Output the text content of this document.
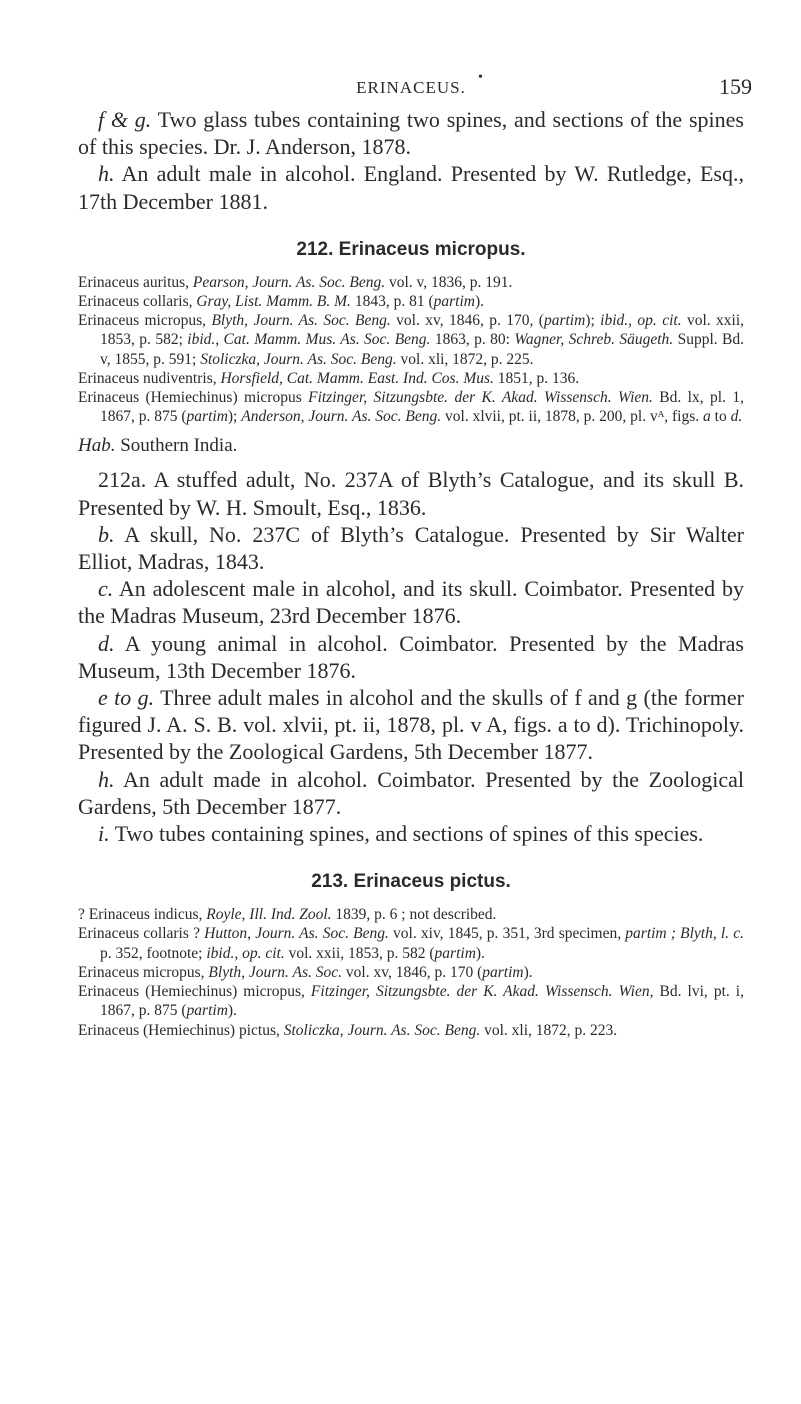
ERINACEUS.
•	159

f & g. Two glass tubes containing two spines, and sections of the spines of this species. Dr. J. Anderson, 1878.

h. An adult male in alcohol. England. Presented by W. Rutledge, Esq., 17th December 1881.

212. Erinaceus micropus.

Erinaceus auritus, Pearson, Journ. As. Soc. Beng. vol. v, 1836, p. 191.

Erinaceus collaris, Gray, List. Mamm. B. M. 1843, p. 81 (partim).

Erinaceus micropus, Blyth, Journ. As. Soc. Beng. vol. xv, 1846, p. 170, (partim); ibid., op. cit. vol. xxii, 1853, p. 582; ibid., Cat. Mamm. Mus. As. Soc. Beng. 1863, p. 80: Wagner, Schreb. Säugeth. Suppl. Bd. v, 1855, p. 591; Stoliczka, Journ. As. Soc. Beng. vol. xli, 1872, p. 225.

Erinaceus nudiventris, Horsfield, Cat. Mamm. East. Ind. Cos. Mus. 1851, p. 136.

Erinaceus (Hemiechinus) micropus Fitzinger, Sitzungsbte. der K. Akad. Wissensch. Wien. Bd. lx, pl. 1, 1867, p. 875 (partim); Anderson, Journ. As. Soc. Beng. vol. xlvii, pt. ii, 1878, p. 200, pl. vᴬ, figs. a to d.

Hab. Southern India.

212a. A stuffed adult, No. 237A of Blyth’s Catalogue, and its skull B. Presented by W. H. Smoult, Esq., 1836.

b. A skull, No. 237C of Blyth’s Catalogue. Presented by Sir Walter Elliot, Madras, 1843.

c. An adolescent male in alcohol, and its skull. Coimbator. Presented by the Madras Museum, 23rd December 1876.

d. A young animal in alcohol. Coimbator. Presented by the Madras Museum, 13th December 1876.

e to g. Three adult males in alcohol and the skulls of f and g (the former figured J. A. S. B. vol. xlvii, pt. ii, 1878, pl. v A, figs. a to d). Trichinopoly. Presented by the Zoological Gardens, 5th December 1877.

h. An adult made in alcohol. Coimbator. Presented by the Zoological Gardens, 5th December 1877.

i. Two tubes containing spines, and sections of spines of this species.

213. Erinaceus pictus.

? Erinaceus indicus, Royle, Ill. Ind. Zool. 1839, p. 6 ; not described.

Erinaceus collaris ? Hutton, Journ. As. Soc. Beng. vol. xiv, 1845, p. 351, 3rd specimen, partim ; Blyth, l. c. p. 352, footnote; ibid., op. cit. vol. xxii, 1853, p. 582 (partim).

Erinaceus micropus, Blyth, Journ. As. Soc. vol. xv, 1846, p. 170 (partim).

Erinaceus (Hemiechinus) micropus, Fitzinger, Sitzungsbte. der K. Akad. Wissensch. Wien, Bd. lvi, pt. i, 1867, p. 875 (partim).

Erinaceus (Hemiechinus) pictus, Stoliczka, Journ. As. Soc. Beng. vol. xli, 1872, p. 223.
